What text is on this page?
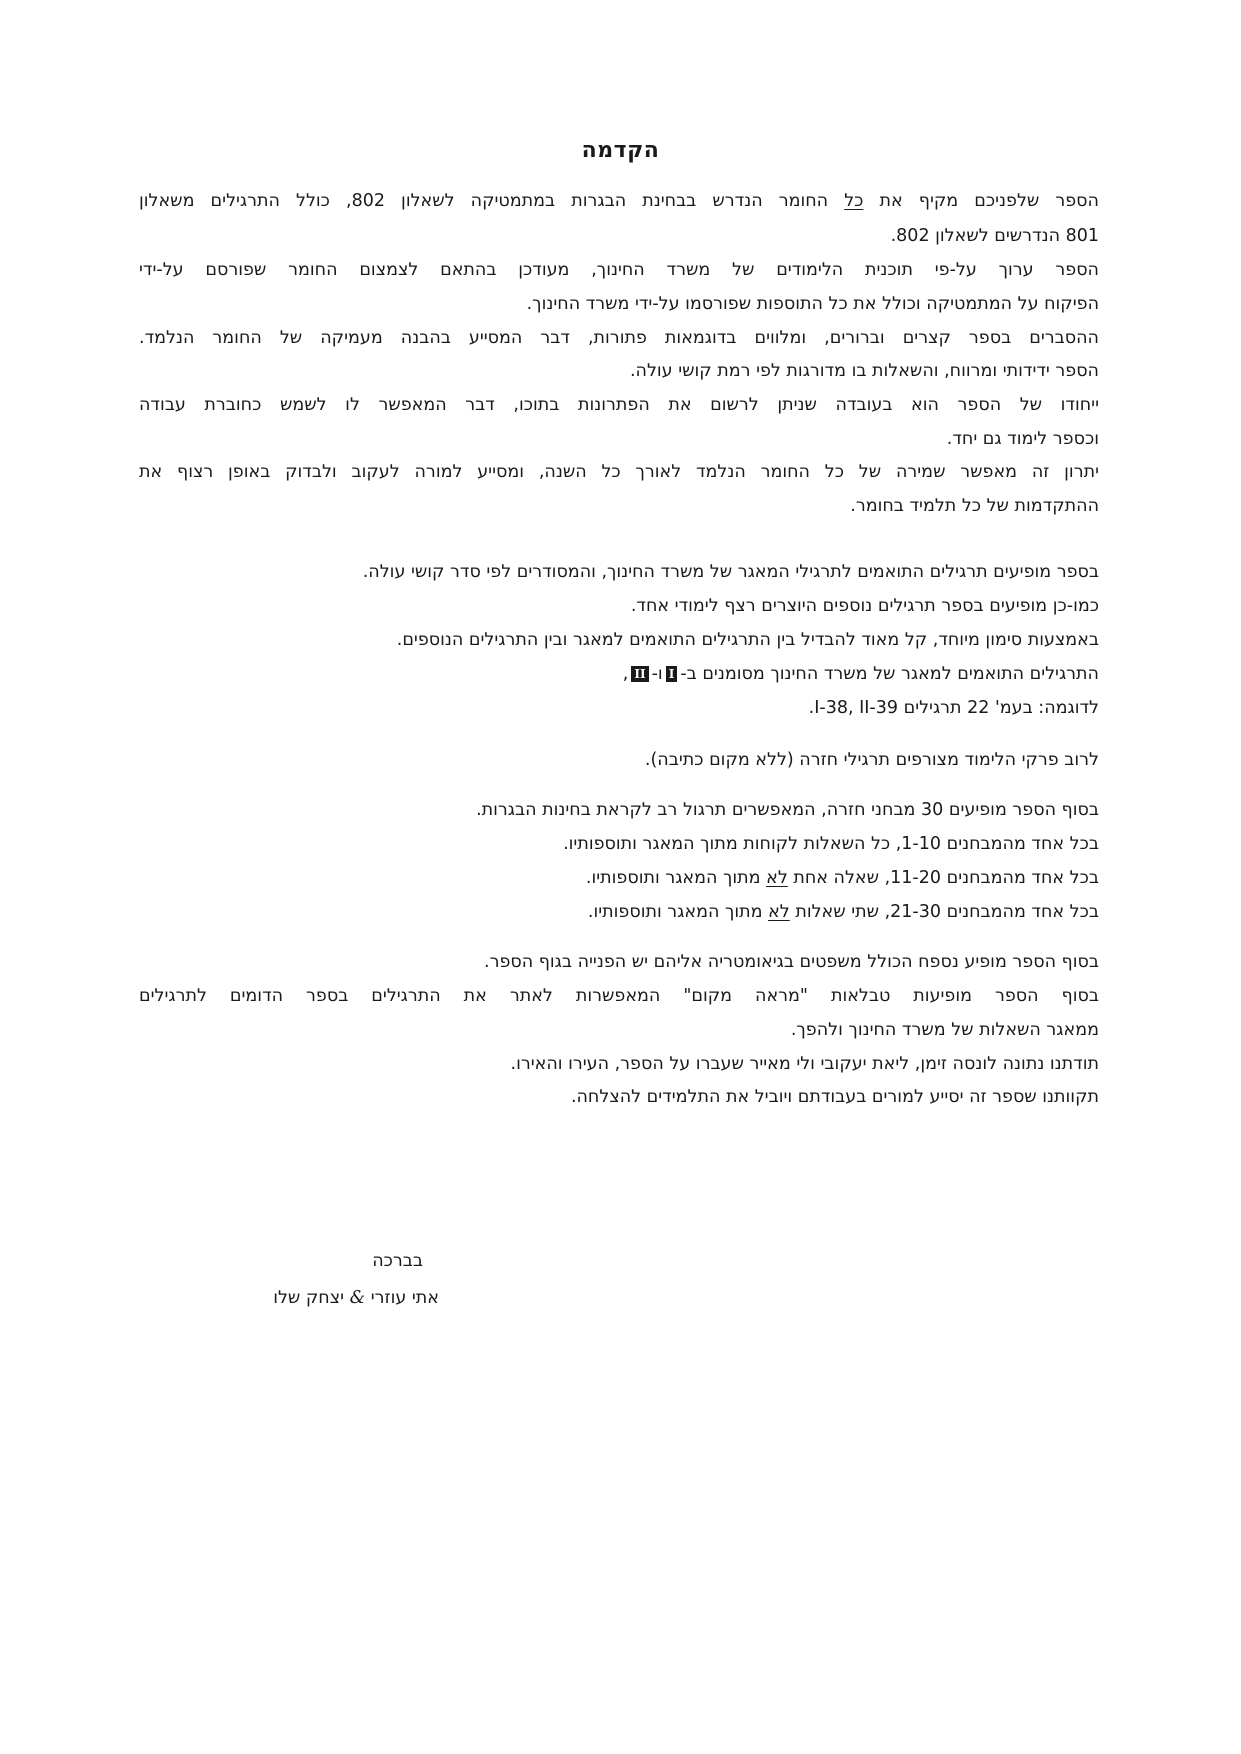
הקדמה
הספר שלפניכם מקיף את כל החומר הנדרש בבחינת הבגרות במתמטיקה לשאלון 802, כולל התרגילים משאלון
801 הנדרשים לשאלון 802.
הספר ערוך על-פי תוכנית הלימודים של משרד החינוך, מעודכן בהתאם לצמצום החומר שפורסם על-ידי
הפיקוח על המתמטיקה וכולל את כל התוספות שפורסמו על-ידי משרד החינוך.
ההסברים בספר קצרים וברורים, ומלווים בדוגמאות פתורות, דבר המסייע בהבנה מעמיקה של החומר הנלמד.
הספר ידידותי ומרווח, והשאלות בו מדורגות לפי רמת קושי עולה.
ייחודו של הספר הוא בעובדה שניתן לרשום את הפתרונות בתוכו, דבר המאפשר לו לשמש כחוברת עבודה
וכספר לימוד גם יחד.
יתרון זה מאפשר שמירה של כל החומר הנלמד לאורך כל השנה, ומסייע למורה לעקוב ולבדוק באופן רצוף את
ההתקדמות של כל תלמיד בחומר.
בספר מופיעים תרגילים התואמים לתרגילי המאגר של משרד החינוך, והמסודרים לפי סדר קושי עולה.
כמו-כן מופיעים בספר תרגילים נוספים היוצרים רצף לימודי אחד.
באמצעות סימון מיוחד, קל מאוד להבדיל בין התרגילים התואמים למאגר ובין התרגילים הנוספים.
התרגילים התואמים למאגר של משרד החינוך מסומנים ב-Iו-II,
לדוגמה: בעמ' 22 תרגילים I-38, II-39.
לרוב פרקי הלימוד מצורפים תרגילי חזרה (ללא מקום כתיבה).
בסוף הספר מופיעים 30 מבחני חזרה, המאפשרים תרגול רב לקראת בחינות הבגרות.
בכל אחד מהמבחנים 1-10, כל השאלות לקוחות מתוך המאגר ותוספותיו.
בכל אחד מהמבחנים 11-20, שאלה אחת לא מתוך המאגר ותוספותיו.
בכל אחד מהמבחנים 21-30, שתי שאלות לא מתוך המאגר ותוספותיו.
בסוף הספר מופיע נספח הכולל משפטים בגיאומטריה אליהם יש הפנייה בגוף הספר.
בסוף הספר מופיעות טבלאות "מראה מקום" המאפשרות לאתר את התרגילים בספר הדומים לתרגילים
ממאגר השאלות של משרד החינוך ולהפך.
תודתנו נתונה לונסה זימן, ליאת יעקובי ולי מאייר שעברו על הספר, העירו והאירו.
תקוותנו שספר זה יסייע למורים בעבודתם ויוביל את התלמידים להצלחה.
בברכה
אתי עוזרי & יצחק שלו
